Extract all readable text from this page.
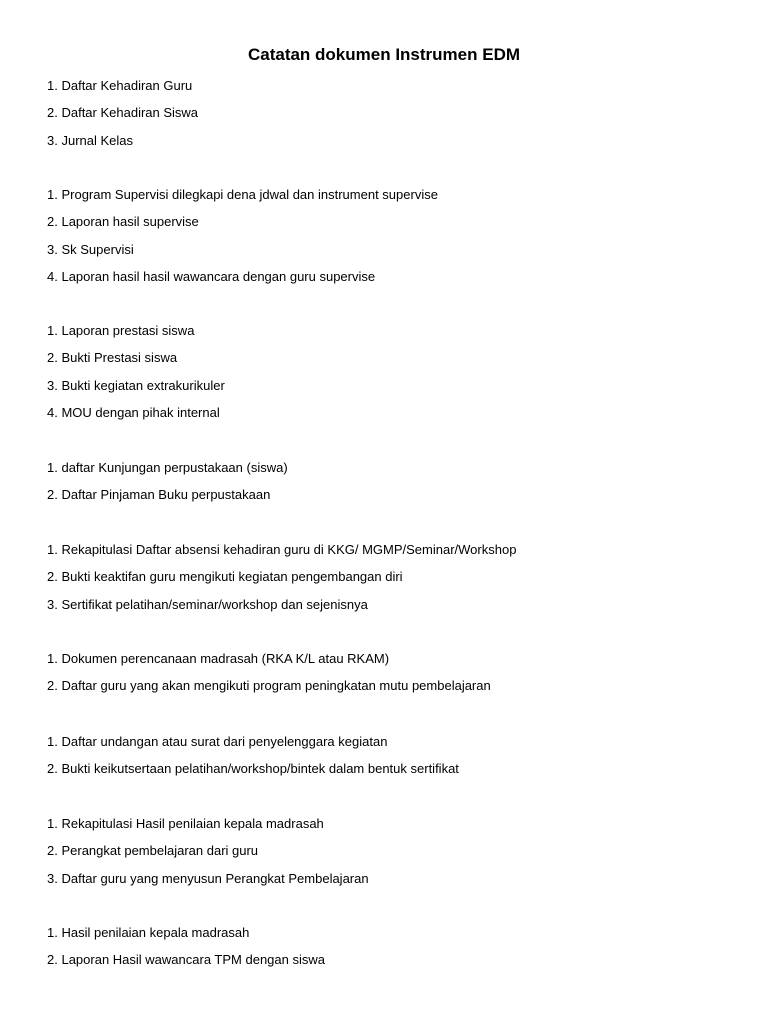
Catatan dokumen Instrumen EDM
1. Daftar Kehadiran Guru
2. Daftar Kehadiran Siswa
3. Jurnal Kelas
1. Program Supervisi dilegkapi dena jdwal dan instrument supervise
2. Laporan hasil supervise
3. Sk Supervisi
4. Laporan hasil hasil wawancara dengan guru supervise
1. Laporan prestasi siswa
2. Bukti Prestasi siswa
3. Bukti kegiatan extrakurikuler
4. MOU dengan pihak internal
1. daftar Kunjungan perpustakaan (siswa)
2. Daftar Pinjaman Buku perpustakaan
1. Rekapitulasi Daftar absensi kehadiran guru di KKG/ MGMP/Seminar/Workshop
2. Bukti keaktifan guru mengikuti kegiatan pengembangan diri
3. Sertifikat pelatihan/seminar/workshop dan sejenisnya
1. Dokumen perencanaan madrasah (RKA K/L atau RKAM)
2. Daftar guru yang akan mengikuti program peningkatan mutu pembelajaran
1. Daftar undangan atau surat dari penyelenggara kegiatan
2. Bukti keikutsertaan pelatihan/workshop/bintek dalam bentuk sertifikat
1. Rekapitulasi Hasil penilaian kepala madrasah
2. Perangkat pembelajaran dari guru
3. Daftar guru yang menyusun Perangkat Pembelajaran
1. Hasil penilaian kepala madrasah
2. Laporan Hasil wawancara TPM dengan siswa
